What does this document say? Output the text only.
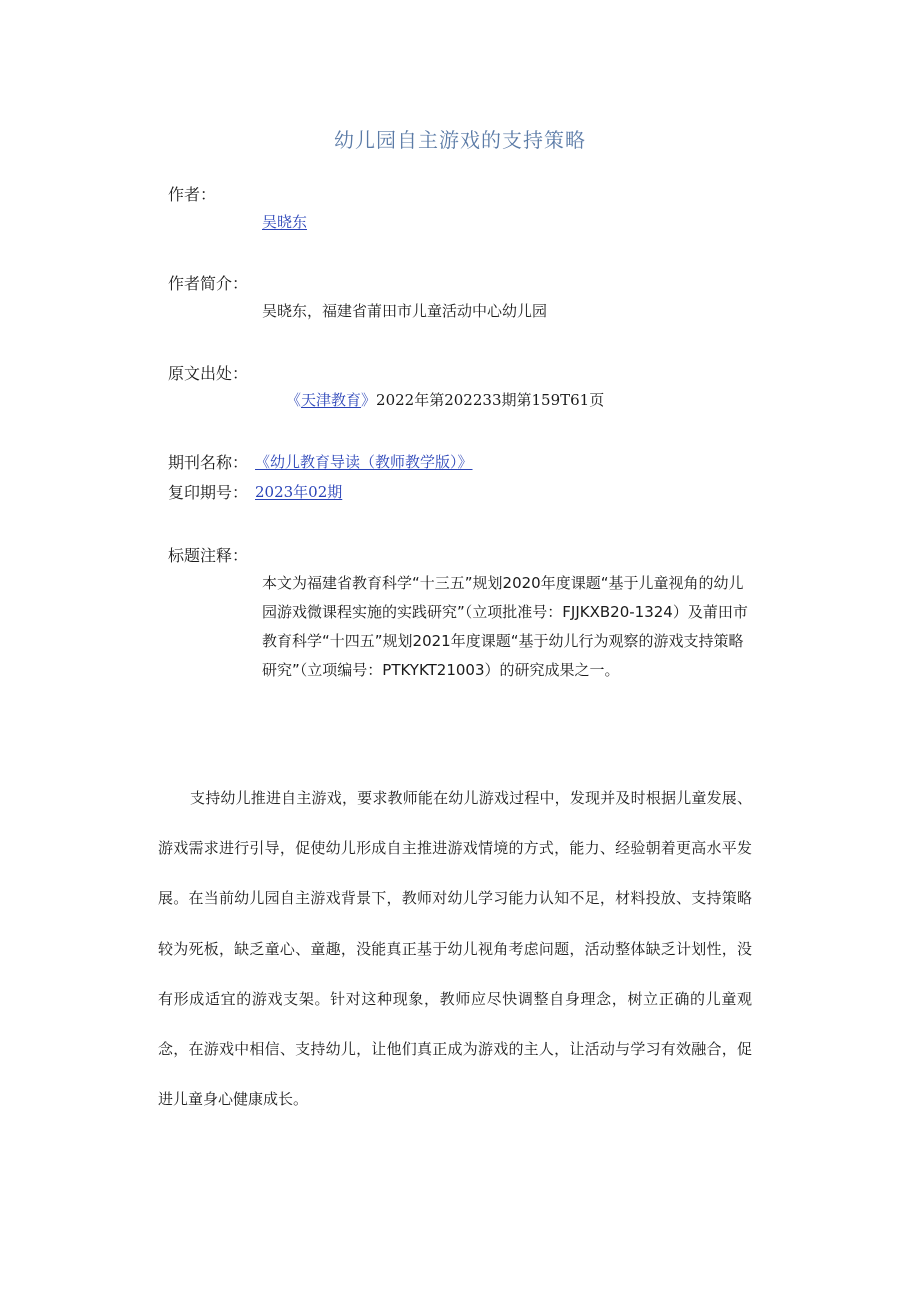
幼儿园自主游戏的支持策略
作者：
吴晓东
作者简介：
吴晓东，福建省莆田市儿童活动中心幼儿园
原文出处：
《天津教育》2022年第202233期第159T61页
期刊名称： 《幼儿教育导读（教师教学版）》
复印期号： 2023年02期
标题注释：

本文为福建省教育科学“十三五”规划2020年度课题“基于儿童视角的幼儿园游戏微课程实施的实践研究”（立项批准号：FJJKXB20-1324）及莆田市教育科学“十四五”规划2021年度课题“基于幼儿行为观察的游戏支持策略研究”（立项编号：PTKYKT21003）的研究成果之一。

支持幼儿推进自主游戏，要求教师能在幼儿游戏过程中，发现并及时根据儿童发展、游戏需求进行引导，促使幼儿形成自主推进游戏情境的方式，能力、经验朝着更高水平发展。在当前幼儿园自主游戏背景下，教师对幼儿学习能力认知不足，材料投放、支持策略较为死板，缺乏童心、童趣，没能真正基于幼儿视角考虑问题，活动整体缺乏计划性，没有形成适宜的游戏支架。针对这种现象，教师应尽快调整自身理念，树立正确的儿童观念，在游戏中相信、支持幼儿，让他们真正成为游戏的主人，让活动与学习有效融合，促进儿童身心健康成长。
